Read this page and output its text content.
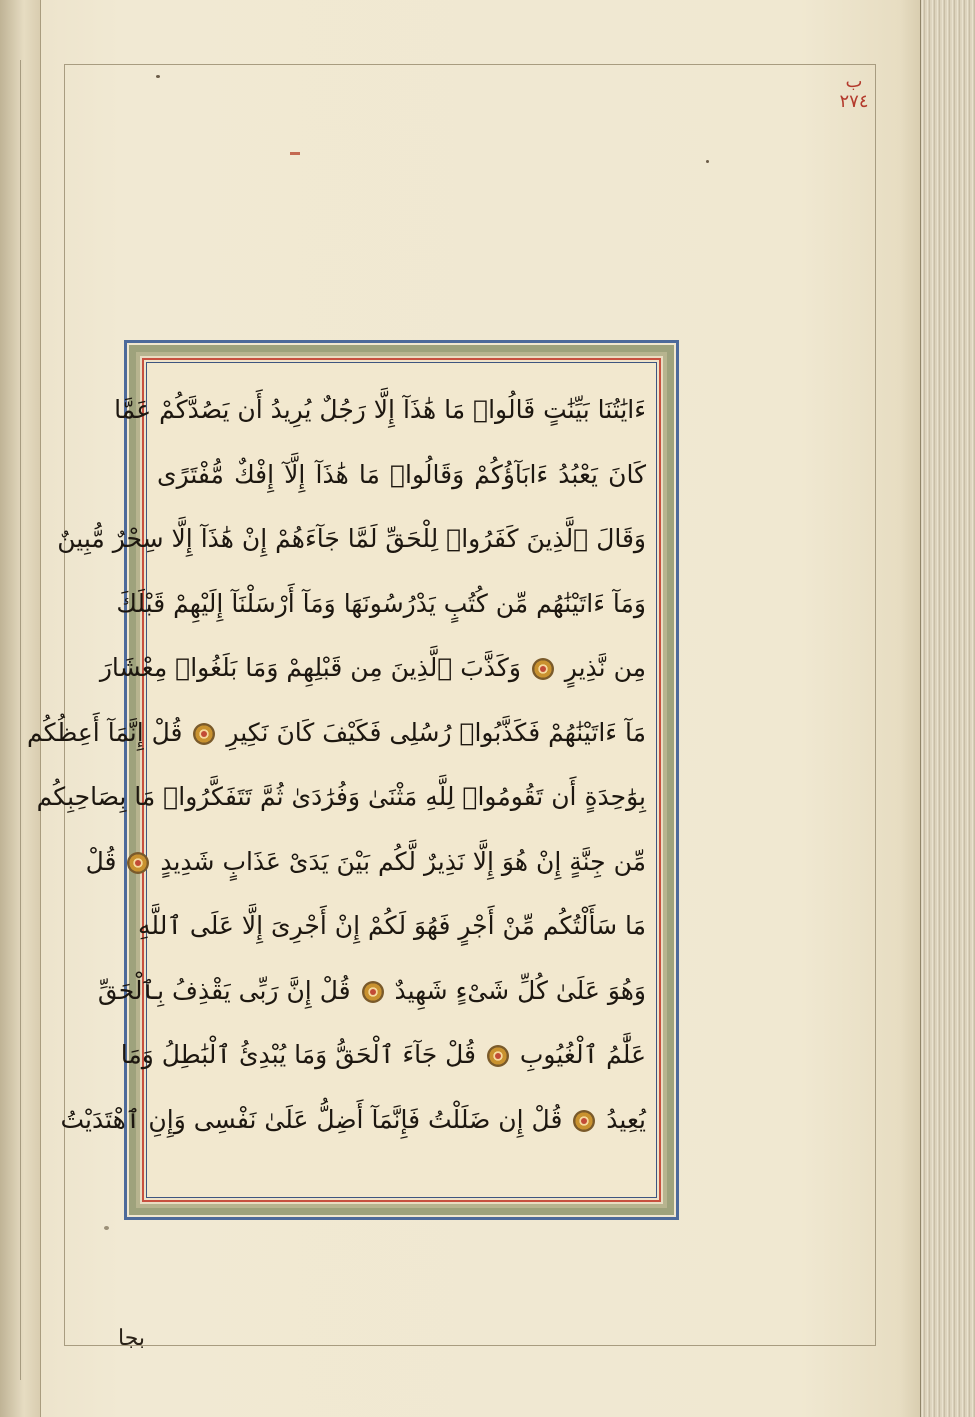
ب
٢٧٤
ءَايَٰتُنَا بَيِّنَٰتٍ قَالُوا۟ مَا هَٰذَآ إِلَّا رَجُلٌ يُرِيدُ أَن يَصُدَّكُمْ عَمَّا
كَانَ يَعْبُدُ ءَابَآؤُكُمْ وَقَالُوا۟ مَا هَٰذَآ إِلَّآ إِفْكٌ مُّفْتَرًى
وَقَالَ ٱلَّذِينَ كَفَرُوا۟ لِلْحَقِّ لَمَّا جَآءَهُمْ إِنْ هَٰذَآ إِلَّا سِحْرٌ مُّبِينٌ
وَمَآ ءَاتَيْنَٰهُم مِّن كُتُبٍ يَدْرُسُونَهَا وَمَآ أَرْسَلْنَآ إِلَيْهِمْ قَبْلَكَ
مِن نَّذِيرٍ  وَكَذَّبَ ٱلَّذِينَ مِن قَبْلِهِمْ وَمَا بَلَغُوا۟ مِعْشَارَ
مَآ ءَاتَيْنَٰهُمْ فَكَذَّبُوا۟ رُسُلِى فَكَيْفَ كَانَ نَكِيرِ  قُلْ إِنَّمَآ أَعِظُكُم
بِوَٰحِدَةٍ أَن تَقُومُوا۟ لِلَّهِ مَثْنَىٰ وَفُرَٰدَىٰ ثُمَّ تَتَفَكَّرُوا۟ مَا بِصَاحِبِكُم
مِّن جِنَّةٍ إِنْ هُوَ إِلَّا نَذِيرٌ لَّكُم بَيْنَ يَدَىْ عَذَابٍ شَدِيدٍ  قُلْ
مَا سَأَلْتُكُم مِّنْ أَجْرٍ فَهُوَ لَكُمْ إِنْ أَجْرِىَ إِلَّا عَلَى ٱللَّهِ
وَهُوَ عَلَىٰ كُلِّ شَىْءٍ شَهِيدٌ  قُلْ إِنَّ رَبِّى يَقْذِفُ بِٱلْحَقِّ
عَلَّٰمُ ٱلْغُيُوبِ  قُلْ جَآءَ ٱلْحَقُّ وَمَا يُبْدِئُ ٱلْبَٰطِلُ وَمَا
يُعِيدُ  قُلْ إِن ضَلَلْتُ فَإِنَّمَآ أَضِلُّ عَلَىٰ نَفْسِى وَإِنِ ٱهْتَدَيْتُ
بجا
